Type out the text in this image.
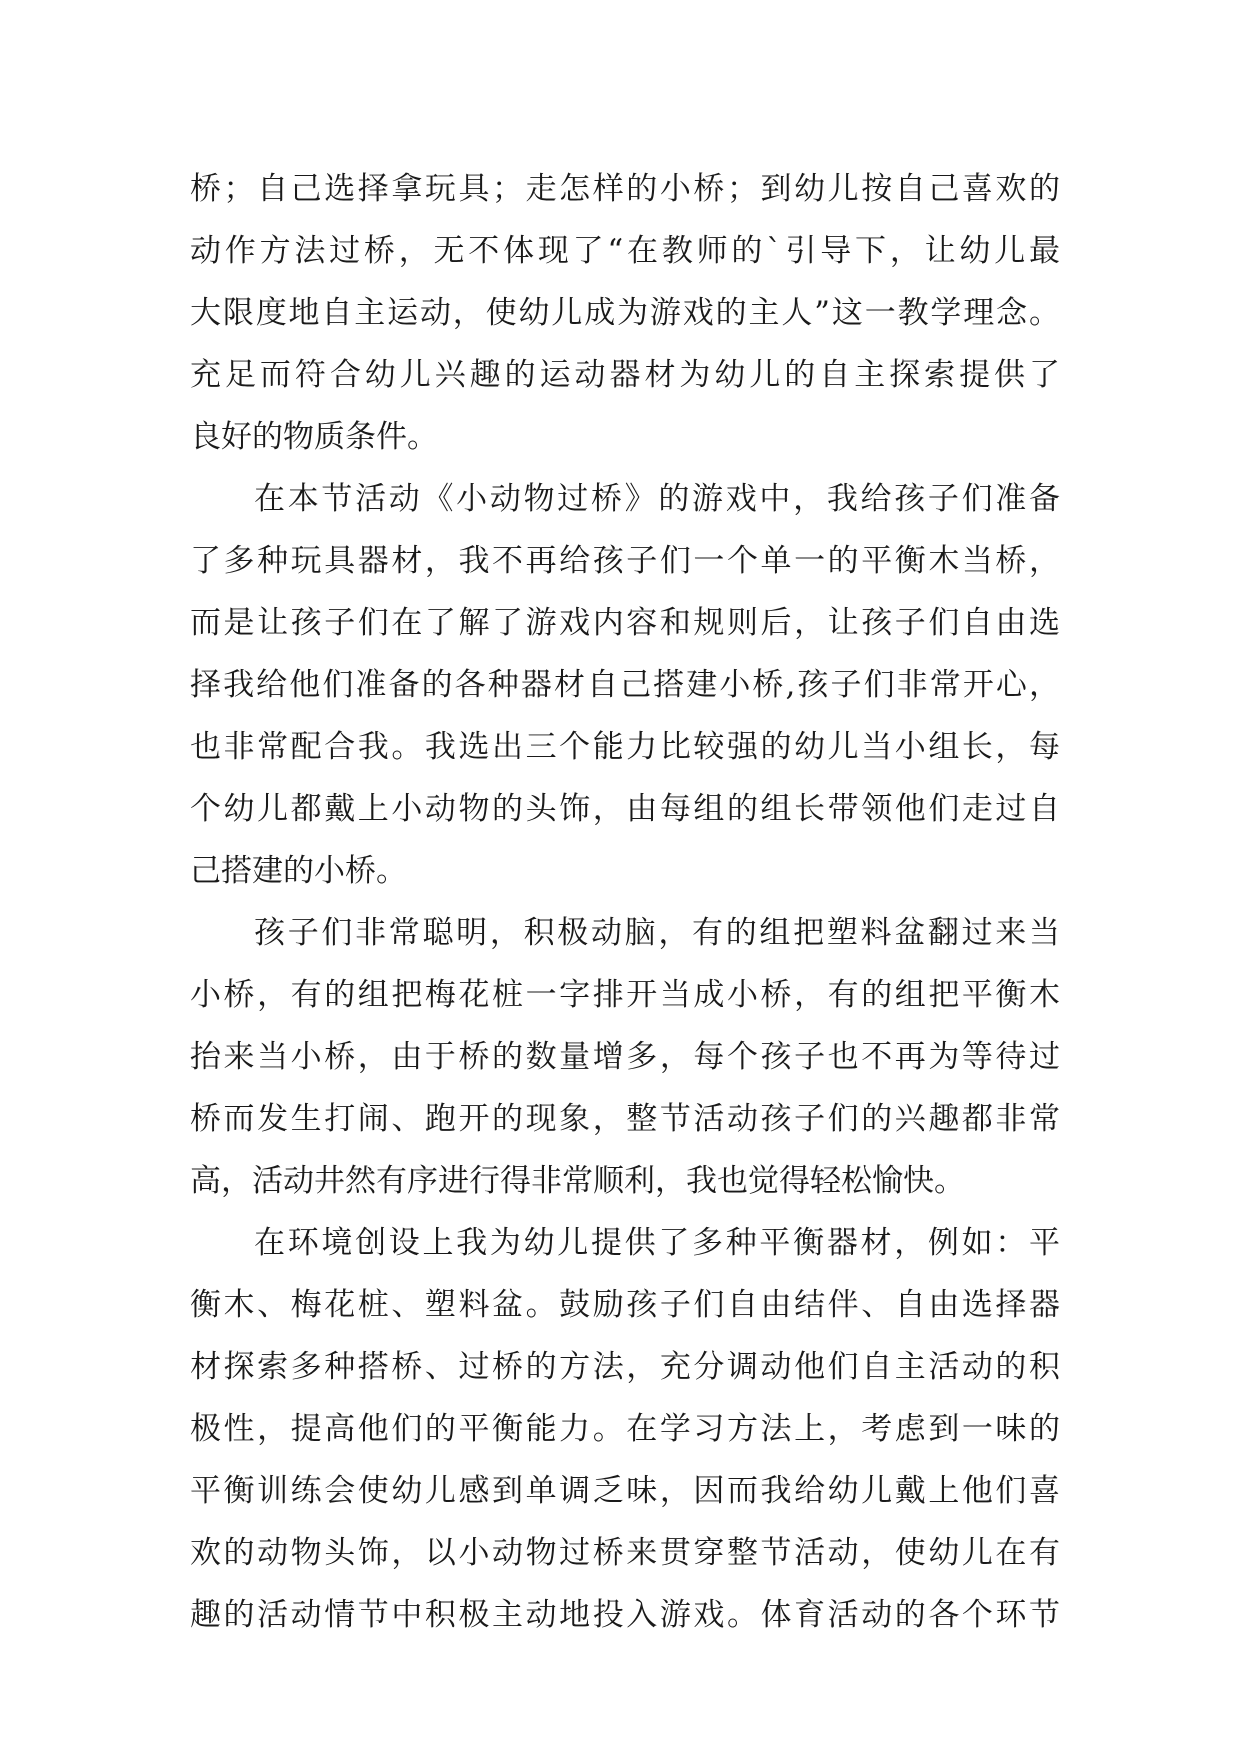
桥；自己选择拿玩具；走怎样的小桥；到幼儿按自己喜欢的
动作方法过桥，无不体现了“在教师的`引导下，让幼儿最
大限度地自主运动，使幼儿成为游戏的主人”这一教学理念。
充足而符合幼儿兴趣的运动器材为幼儿的自主探索提供了
良好的物质条件。
在本节活动《小动物过桥》的游戏中，我给孩子们准备
了多种玩具器材，我不再给孩子们一个单一的平衡木当桥，
而是让孩子们在了解了游戏内容和规则后，让孩子们自由选
择我给他们准备的各种器材自己搭建小桥,孩子们非常开心，
也非常配合我。我选出三个能力比较强的幼儿当小组长，每
个幼儿都戴上小动物的头饰，由每组的组长带领他们走过自
己搭建的小桥。
孩子们非常聪明，积极动脑，有的组把塑料盆翻过来当
小桥，有的组把梅花桩一字排开当成小桥，有的组把平衡木
抬来当小桥，由于桥的数量增多，每个孩子也不再为等待过
桥而发生打闹、跑开的现象，整节活动孩子们的兴趣都非常
高，活动井然有序进行得非常顺利，我也觉得轻松愉快。
在环境创设上我为幼儿提供了多种平衡器材，例如：平
衡木、梅花桩、塑料盆。鼓励孩子们自由结伴、自由选择器
材探索多种搭桥、过桥的方法，充分调动他们自主活动的积
极性，提高他们的平衡能力。在学习方法上，考虑到一味的
平衡训练会使幼儿感到单调乏味，因而我给幼儿戴上他们喜
欢的动物头饰，以小动物过桥来贯穿整节活动，使幼儿在有
趣的活动情节中积极主动地投入游戏。体育活动的各个环节
